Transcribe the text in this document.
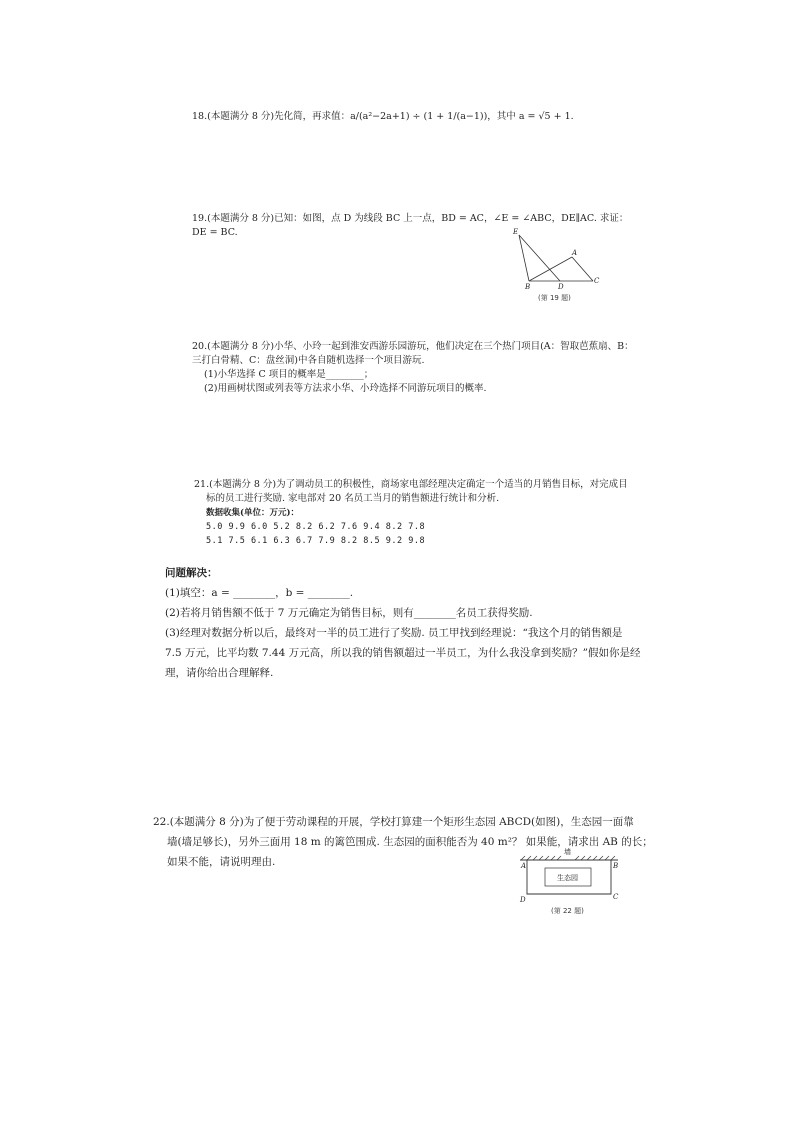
18.(本题满分 8 分)先化简，再求值：a/(a²−2a+1) ÷ (1 + 1/(a−1))，其中 a = √5 + 1.
19.(本题满分 8 分)已知：如图，点 D 为线段 BC 上一点，BD = AC，∠E = ∠ABC，DE∥AC. 求证：
DE = BC.	E
A
B	D
C
(第 19 题)
20.(本题满分 8 分)小华、小玲一起到淮安西游乐园游玩，他们决定在三个热门项目(A：智取芭蕉扇、B：
三打白骨精、C：盘丝洞)中各自随机选择一个项目游玩.
(1)小华选择 C 项目的概率是________；
(2)用画树状图或列表等方法求小华、小玲选择不同游玩项目的概率.
21.(本题满分 8 分)为了调动员工的积极性，商场家电部经理决定确定一个适当的月销售目标，对完成目
标的员工进行奖励. 家电部对 20 名员工当月的销售额进行统计和分析.
数据收集(单位：万元)：
5.0 9.9 6.0 5.2 8.2 6.2 7.6 9.4 8.2 7.8
5.1 7.5 6.1 6.3 6.7 7.9 8.2 8.5 9.2 9.8
问题解决：
(1)填空：a = ________，b = ________.
(2)若将月销售额不低于 7 万元确定为销售目标，则有________名员工获得奖励.
(3)经理对数据分析以后，最终对一半的员工进行了奖励. 员工甲找到经理说：“我这个月的销售额是
7.5 万元，比平均数 7.44 万元高，所以我的销售额超过一半员工，为什么我没拿到奖励？”假如你是经
理，请你给出合理解释.
22.(本题满分 8 分)为了便于劳动课程的开展，学校打算建一个矩形生态园 ABCD(如图)，生态园一面靠
墙(墙足够长)，另外三面用 18 m 的篱笆围成. 生态园的面积能否为 40 m²？ 如果能，请求出 AB 的长；
如果不能，请说明理由.
墙
生态园
A	B
C
D
(第 22 题)
